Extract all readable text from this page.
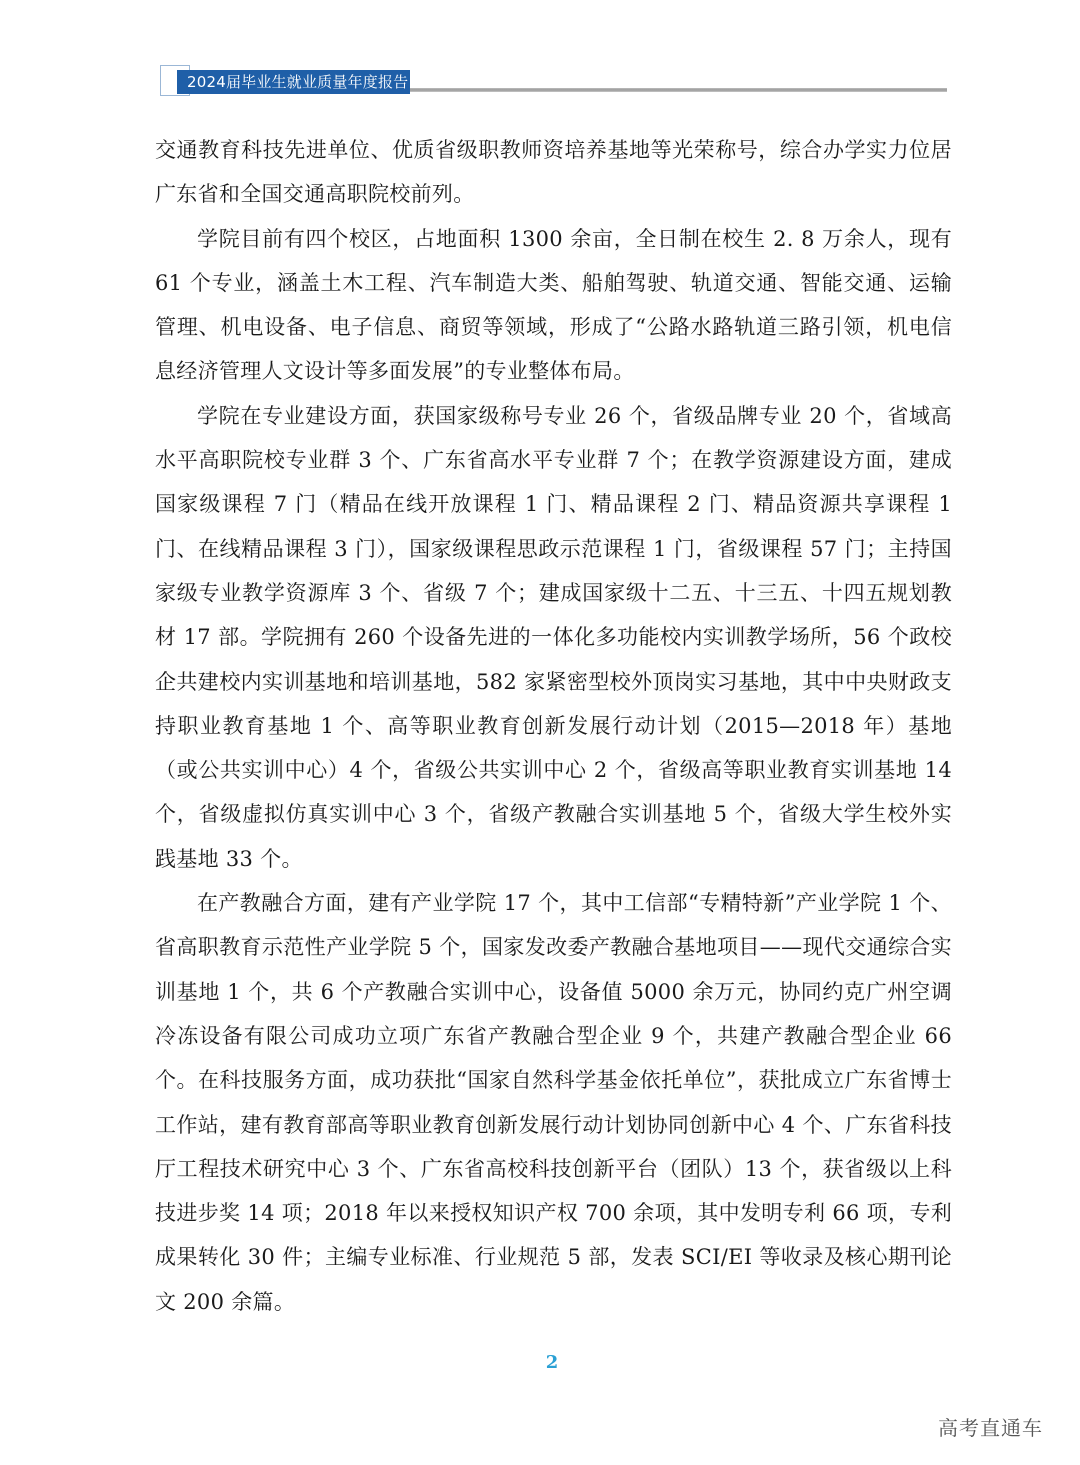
2024届毕业生就业质量年度报告

交通教育科技先进单位、优质省级职教师资培养基地等光荣称号，综合办学实力位居广东省和全国交通高职院校前列。

学院目前有四个校区，占地面积 1300 余亩，全日制在校生 2. 8 万余人，现有 61 个专业，涵盖土木工程、汽车制造大类、船舶驾驶、轨道交通、智能交通、运输管理、机电设备、电子信息、商贸等领域，形成了“公路水路轨道三路引领，机电信息经济管理人文设计等多面发展”的专业整体布局。

学院在专业建设方面，获国家级称号专业 26 个，省级品牌专业 20 个，省域高水平高职院校专业群 3 个、广东省高水平专业群 7 个；在教学资源建设方面，建成国家级课程 7 门（精品在线开放课程 1 门、精品课程 2 门、精品资源共享课程 1 门、在线精品课程 3 门），国家级课程思政示范课程 1 门，省级课程 57 门；主持国家级专业教学资源库 3 个、省级 7 个；建成国家级十二五、十三五、十四五规划教材 17 部。学院拥有 260 个设备先进的一体化多功能校内实训教学场所，56 个政校企共建校内实训基地和培训基地，582 家紧密型校外顶岗实习基地，其中中央财政支持职业教育基地 1 个、高等职业教育创新发展行动计划（2015—2018 年）基地（或公共实训中心）4 个，省级公共实训中心 2 个，省级高等职业教育实训基地 14 个，省级虚拟仿真实训中心 3 个，省级产教融合实训基地 5 个，省级大学生校外实践基地 33 个。

在产教融合方面，建有产业学院 17 个，其中工信部“专精特新”产业学院 1 个、省高职教育示范性产业学院 5 个，国家发改委产教融合基地项目——现代交通综合实训基地 1 个，共 6 个产教融合实训中心，设备值 5000 余万元，协同约克广州空调冷冻设备有限公司成功立项广东省产教融合型企业 9 个，共建产教融合型企业 66 个。在科技服务方面，成功获批“国家自然科学基金依托单位”，获批成立广东省博士工作站，建有教育部高等职业教育创新发展行动计划协同创新中心 4 个、广东省科技厅工程技术研究中心 3 个、广东省高校科技创新平台（团队）13 个，获省级以上科技进步奖 14 项；2018 年以来授权知识产权 700 余项，其中发明专利 66 项，专利成果转化 30 件；主编专业标准、行业规范 5 部，发表 SCI/EI 等收录及核心期刊论文 200 余篇。

2
高考直通车
